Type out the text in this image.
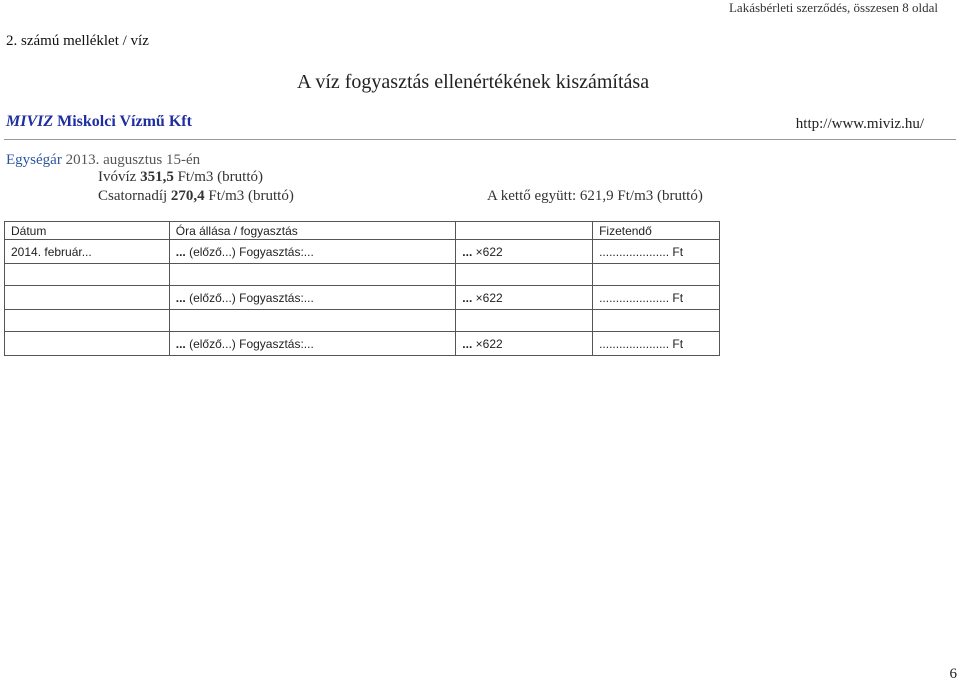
Lakásbérleti szerződés, összesen 8 oldal
2. számú melléklet / víz
A víz fogyasztás ellenértékének kiszámítása
MIVIZ Miskolci Vízmű Kft	http://www.miviz.hu/
Egységár 2013. augusztus 15-én
Ivóvíz 351,5 Ft/m3 (bruttó)
Csatornadíj 270,4 Ft/m3 (bruttó)	A kettő együtt: 621,9 Ft/m3 (bruttó)
Dátum	Óra állása / fogyasztás		Fizetendő
2014. február...	... (előző...) Fogyasztás:...	... ×622	..................... Ft

	... (előző...) Fogyasztás:...	... ×622	..................... Ft

	... (előző...) Fogyasztás:...	... ×622	..................... Ft
6
